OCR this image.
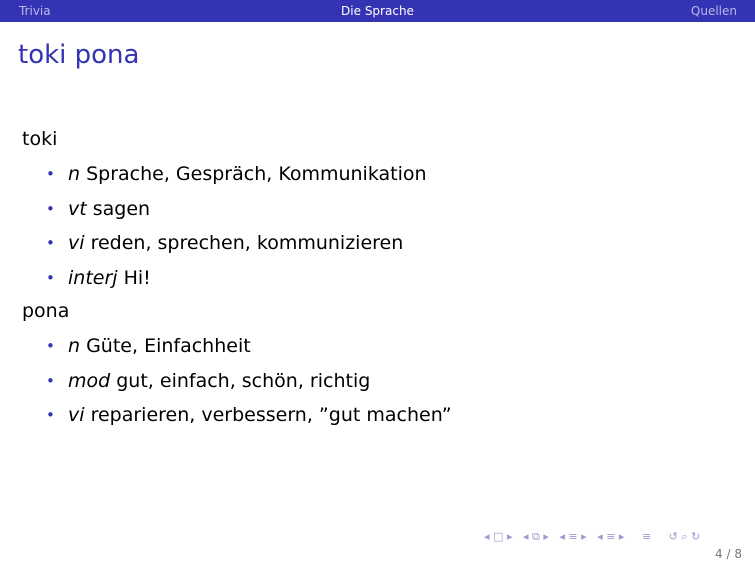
Trivia	Die Sprache	Quellen
toki pona
toki
• n Sprache, Gespräch, Kommunikation
• vt sagen
• vi reden, sprechen, kommunizieren
• interj Hi!
pona
• n Güte, Einfachheit
• mod gut, einfach, schön, richtig
• vi reparieren, verbessern, ”gut machen”
◂ □ ▸ ◂ ⧉ ▸ ◂ ≡ ▸ ◂ ≡ ▸ ≡ ↺ ⌕ ↻
4 / 8
